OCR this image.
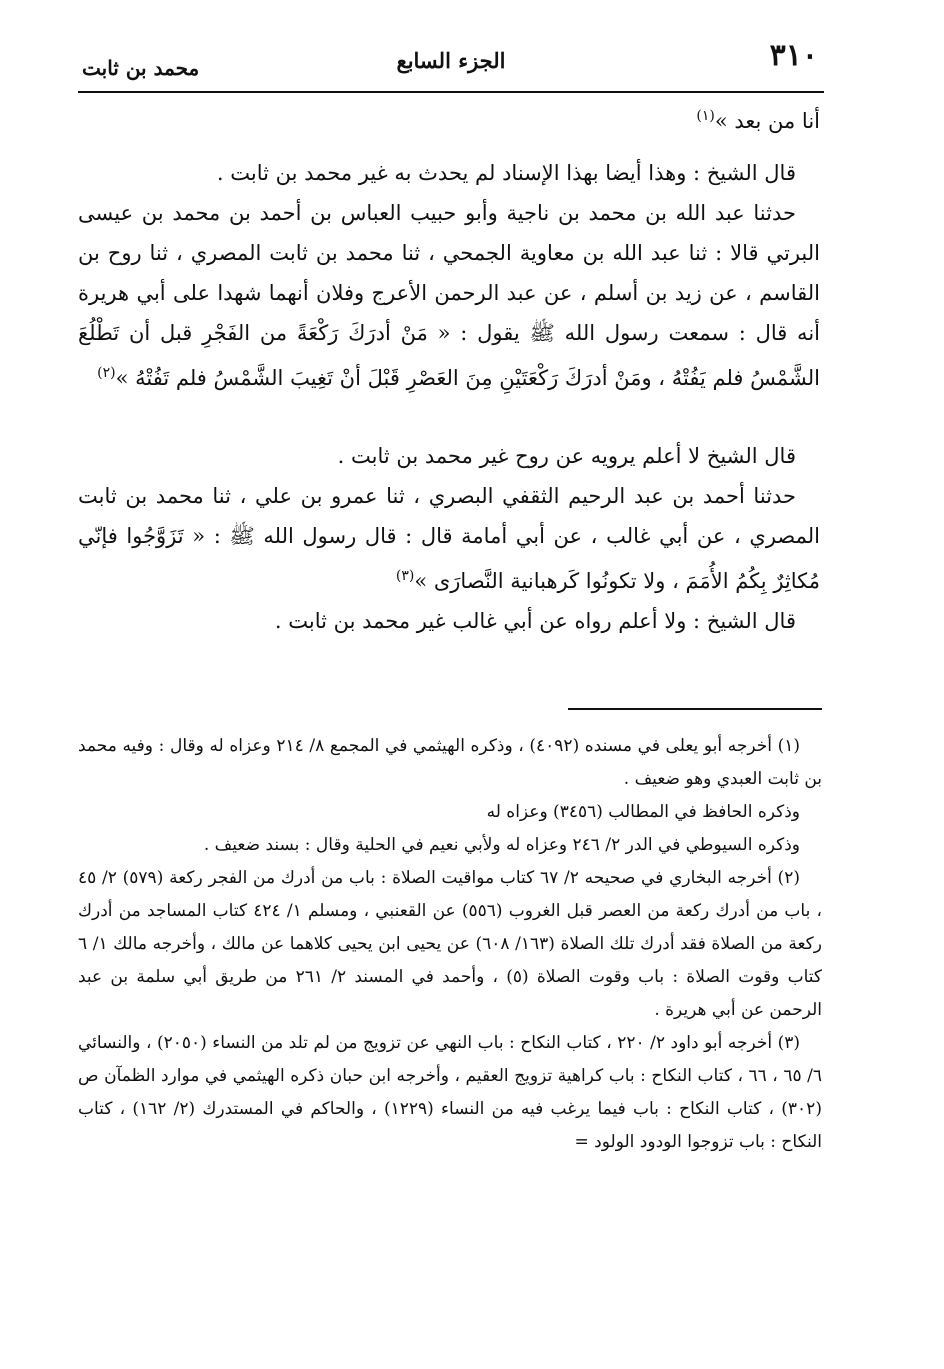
٣١٠
الجزء السابع
محمد بن ثابت

أنا من بعد »$^{(١)}$

قال الشيخ : وهذا أيضا بهذا الإسناد لم يحدث به غير محمد بن ثابت .

حدثنا عبد الله بن محمد بن ناجية وأبو حبيب العباس بن أحمد بن محمد بن عيسى البرتي قالا : ثنا عبد الله بن معاوية الجمحي ، ثنا محمد بن ثابت المصري ، ثنا روح بن القاسم ، عن زيد بن أسلم ، عن عبد الرحمن الأعرج وفلان أنهما شهدا على أبي هريرة أنه قال : سمعت رسول الله ﷺ يقول : « مَنْ أدرَكَ رَكْعَةً من الفَجْرِ قبل أن تَطْلُعَ الشَّمْسُ فلم يَفُتْهُ ، ومَنْ أدرَكَ رَكْعَتَيْنِ مِنَ العَصْرِ قَبْلَ أنْ تَغِيبَ الشَّمْسُ فلم تَفُتْهُ »$^{(٢)}$

قال الشيخ لا أعلم يرويه عن روح غير محمد بن ثابت .

حدثنا أحمد بن عبد الرحيم الثقفي البصري ، ثنا عمرو بن علي ، ثنا محمد بن ثابت المصري ، عن أبي غالب ، عن أبي أمامة قال : قال رسول الله ﷺ : « تَزَوَّجُوا فإنّي مُكاثِرٌ بِكُمُ الأُمَمَ ، ولا تكونُوا كَرهبانية النَّصارَى »$^{(٣)}$

قال الشيخ : ولا أعلم رواه عن أبي غالب غير محمد بن ثابت .

(١) أخرجه أبو يعلى في مسنده (٤٠٩٢) ، وذكره الهيثمي في المجمع ٨/ ٢١٤ وعزاه له وقال : وفيه محمد بن ثابت العبدي وهو ضعيف .

وذكره الحافظ في المطالب (٣٤٥٦) وعزاه له

وذكره السيوطي في الدر ٢/ ٢٤٦ وعزاه له ولأبي نعيم في الحلية وقال : بسند ضعيف .

(٢) أخرجه البخاري في صحيحه ٢/ ٦٧ كتاب مواقيت الصلاة : باب من أدرك من الفجر ركعة (٥٧٩) ٢/ ٤٥ ، باب من أدرك ركعة من العصر قبل الغروب (٥٥٦) عن القعنبي ، ومسلم ١/ ٤٢٤ كتاب المساجد من أدرك ركعة من الصلاة فقد أدرك تلك الصلاة (١٦٣/ ٦٠٨) عن يحيى ابن يحيى كلاهما عن مالك ، وأخرجه مالك ١/ ٦ كتاب وقوت الصلاة : باب وقوت الصلاة (٥) ، وأحمد في المسند ٢/ ٢٦١ من طريق أبي سلمة بن عبد الرحمن عن أبي هريرة .

(٣) أخرجه أبو داود ٢/ ٢٢٠ ، كتاب النكاح : باب النهي عن تزويج من لم تلد من النساء (٢٠٥٠) ، والنسائي ٦/ ٦٥ ، ٦٦ ، كتاب النكاح : باب كراهية تزويج العقيم ، وأخرجه ابن حبان ذكره الهيثمي في موارد الظمآن ص (٣٠٢) ، كتاب النكاح : باب فيما يرغب فيه من النساء (١٢٢٩) ، والحاكم في المستدرك (٢/ ١٦٢) ، كتاب النكاح : باب تزوجوا الودود الولود =
